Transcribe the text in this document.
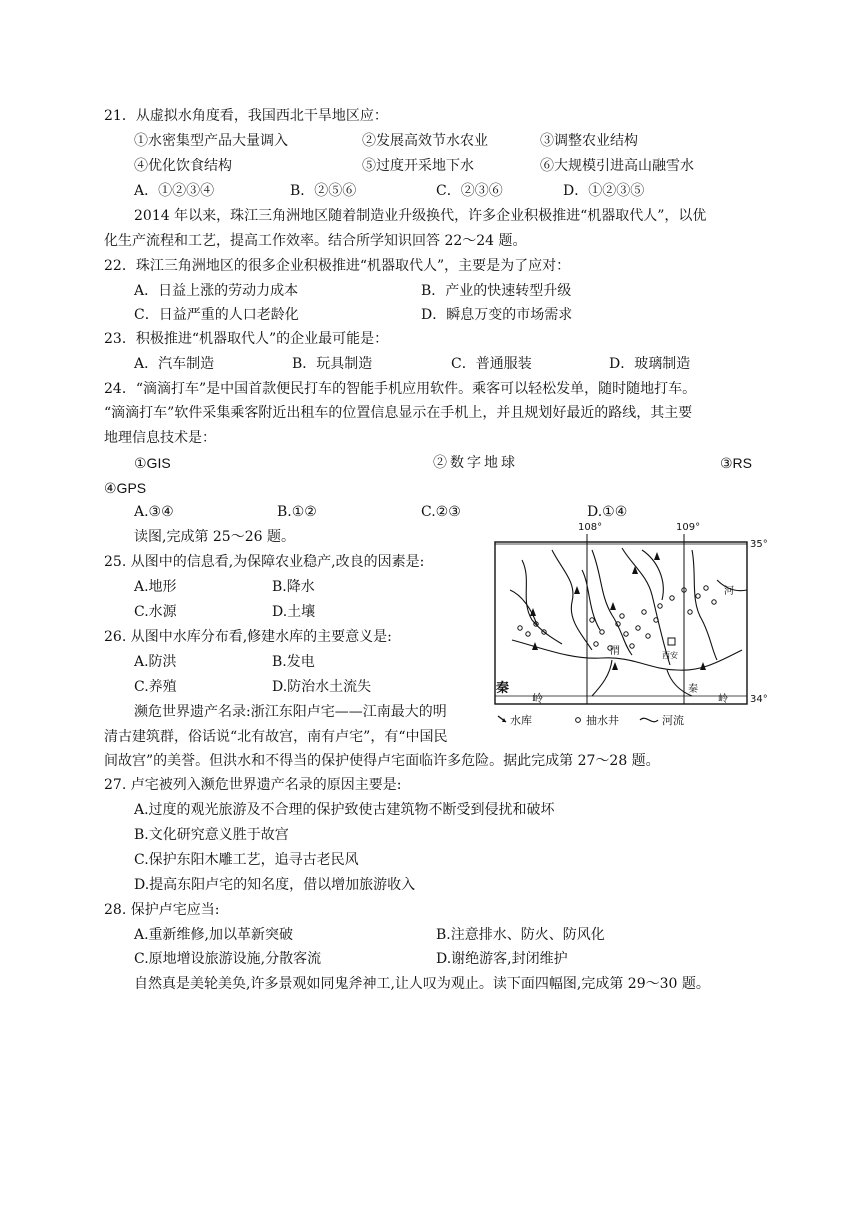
21．从虚拟水角度看，我国西北干旱地区应：
①水密集型产品大量调入	②发展高效节水农业	③调整农业结构
④优化饮食结构	⑤过度开采地下水	⑥大规模引进高山融雪水
A．①②③④	B．②⑤⑥	C．②③⑥	D．①②③⑤
2014 年以来，珠江三角洲地区随着制造业升级换代，许多企业积极推进“机器取代人”，以优
化生产流程和工艺，提高工作效率。结合所学知识回答 22～24 题。
22．珠江三角洲地区的很多企业积极推进“机器取代人”，主要是为了应对：
A．日益上涨的劳动力成本	B．产业的快速转型升级
C．日益严重的人口老龄化	D．瞬息万变的市场需求
23．积极推进“机器取代人”的企业最可能是：
A．汽车制造	B．玩具制造	C．普通服装	D．玻璃制造
24．“滴滴打车”是中国首款便民打车的智能手机应用软件。乘客可以轻松发单，随时随地打车。
“滴滴打车”软件采集乘客附近出租车的位置信息显示在手机上，并且规划好最近的路线，其主要
地理信息技术是：
①GIS	②数字地球	③RS
④GPS
A.③④	B.①②	C.②③	D.①④
读图,完成第 25～26 题。
25. 从图中的信息看,为保障农业稳产,改良的因素是:
A.地形	B.降水
C.水源	D.土壤
26. 从图中水库分布看,修建水库的主要意义是:
A.防洪	B.发电
C.养殖	D.防治水土流失
108°	109°
35°
34°
河
渭	西安
秦
岭
秦
岭
水库	抽水井	河流
濒危世界遗产名录:浙江东阳卢宅——江南最大的明
清古建筑群，俗话说“北有故宫，南有卢宅”，有“中国民
间故宫”的美誉。但洪水和不得当的保护使得卢宅面临许多危险。据此完成第 27～28 题。
27. 卢宅被列入濒危世界遗产名录的原因主要是:
A.过度的观光旅游及不合理的保护致使古建筑物不断受到侵扰和破坏
B.文化研究意义胜于故宫
C.保护东阳木雕工艺，追寻古老民风
D.提高东阳卢宅的知名度，借以增加旅游收入
28. 保护卢宅应当:
A.重新维修,加以革新突破	B.注意排水、防火、防风化
C.原地增设旅游设施,分散客流	D.谢绝游客,封闭维护
自然真是美轮美奂,许多景观如同鬼斧神工,让人叹为观止。读下面四幅图,完成第 29～30 题。
